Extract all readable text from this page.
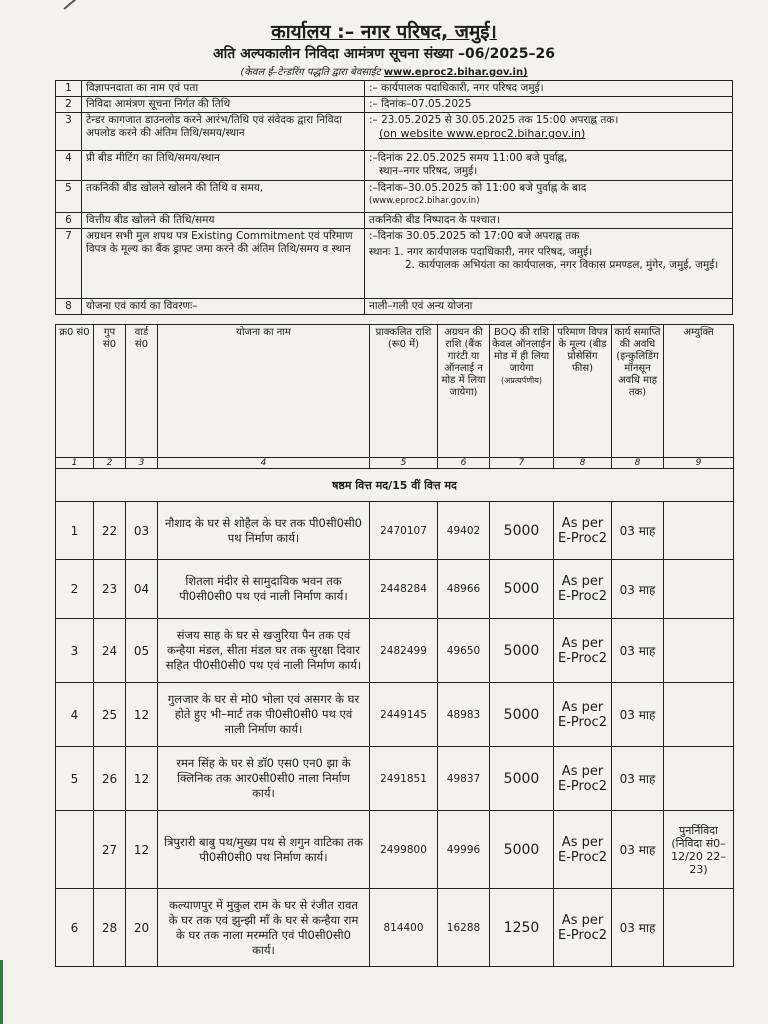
कार्यालय :– नगर परिषद, जमुई।
अति अल्पकालीन निविदा आमंत्रण सूचना संख्या –06/2025–26
(केवल ई–टेन्डरिंग पद्धति द्वारा बेवसाईट www.eproc2.bihar.gov.in)
1	विज्ञापनदाता का नाम एवं पता	:– कार्यपालक पदाधिकारी, नगर परिषद जमुई।
2	निविदा आमंत्रण सूचना निर्गत की तिथि	:– दिनांक–07.05.2025
3	टेन्डर कागजात डाउनलोड करने आरंभ/तिथि एवं संवेदक द्वारा निविदा अपलोड करने की अंतिम तिथि/समय/स्थान	:– 23.05.2025 से 30.05.2025 तक 15:00 अपराह्न तक।
(on website www.eproc2.bihar.gov.in)

4	प्री बीड मीटिंग का तिथि/समय/स्थान	:–दिनांक 22.05.2025 समय 11:00 बजे पुर्वाह्न,
स्थान–नगर परिषद, जमुई।

5	तकनिकी बीड खोलने खोलने की तिथि व समय,	:–दिनांक–30.05.2025 को 11:00 बजे पुर्वाह्न के बाद
(www.eproc2.bihar.gov.in)

6	वित्तीय बीड खोलने की तिथि/समय	तकनिकी बीड निष्पादन के पश्चात।
7	अग्रधन सभी मुल शपथ पत्र Existing Commitment एवं परिमाण विपत्र के मूल्य का बैंक ड्राफ्ट जमा करने की अंतिम तिथि/समय व स्थान	:–दिनांक 30.05.2025 को 17:00 बजे अपराह्न तक
स्थानः 1. नगर कार्यपालक पदाधिकारी, नगर परिषद, जमुई।
2. कार्यपालक अभियंता का कार्यपालक, नगर विकास प्रमण्डल, मुंगेर, जमुई, जमुई।

8	योजना एवं कार्य का विवरणः–	नाली–गली एवं अन्य योजना
क्र0 सं0	गुप सं0	वार्ड सं0	योजना का नाम	प्राक्कलित राशि (रू0 में)	अग्रधन की राशि (बैंक गारंटी या ऑनलाई न मोड में लिया जायेगा)	BOQ की राशि केवल ऑनलाईन मोड में ही लिया जायेगा
(अप्रत्यर्पणीय)	परिमाण विपत्र के मूल्य (बीड प्रोसेसिंग फीस)	कार्य समाप्ति की अवधि (इन्कुलिडिंग मॉनसून अवधि माह तक)	अम्युक्ति
1	2	3	4	5	6	7	8	8	9
षष्ठम वित्त मद/15 वीं वित्त मद									
1	22	03	नौशाद के घर से शोहैल के घर तक पी0सी0सी0 पथ निर्माण कार्य।	2470107	49402	5000	As per E-Proc2	03 माह	
2	23	04	शितला मंदीर से सामुदायिक भवन तक पी0सी0सी0 पथ एवं नाली निर्माण कार्य।	2448284	48966	5000	As per E-Proc2	03 माह	
3	24	05	संजय साह के घर से खजुरिया पैन तक एवं कन्हैया मंडल, सीता मंडल घर तक सुरक्षा दिवार सहित पी0सी0सी0 पथ एवं नाली निर्माण कार्य।	2482499	49650	5000	As per E-Proc2	03 माह	
4	25	12	गुलजार के घर से मो0 भोला एवं असगर के घर होते हुए भी–मार्ट तक पी0सी0सी0 पथ एवं नाली निर्माण कार्य।	2449145	48983	5000	As per E-Proc2	03 माह	
5	26	12	रमन सिंह के घर से डॉ0 एस0 एन0 झा के क्लिनिक तक आर0सी0सी0 नाला निर्माण कार्य।	2491851	49837	5000	As per E-Proc2	03 माह	
	27	12	त्रिपुरारी बाबु पथ/मुख्य पथ से शगुन वाटिका तक पी0सी0सी0 पथ निर्माण कार्य।	2499800	49996	5000	As per E-Proc2	03 माह	पुनर्निविदा (निविदा सं0–12/20 22–23)
6	28	20	कल्याणपुर में मुकुल राम के घर से रंजीत रावत के घर तक एवं झुन्झी माँ के घर से कन्हैया राम के घर तक नाला मरम्मति एवं पी0सी0सी0 कार्य।	814400	16288	1250	As per E-Proc2	03 माह	
